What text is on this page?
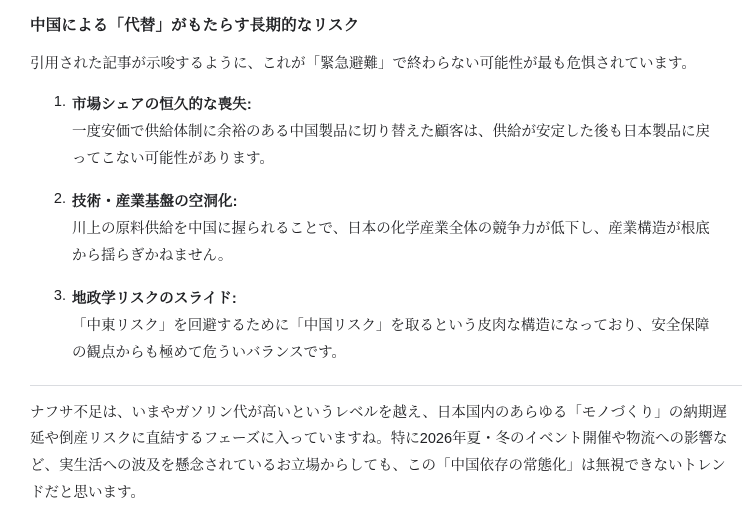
中国による「代替」がもたらす長期的なリスク

引用された記事が示唆するように、これが「緊急避難」で終わらない可能性が最も危惧されています。

市場シェアの恒久的な喪失:
一度安価で供給体制に余裕のある中国製品に切り替えた顧客は、供給が安定した後も日本製品に戻ってこない可能性があります。
技術・産業基盤の空洞化:
川上の原料供給を中国に握られることで、日本の化学産業全体の競争力が低下し、産業構造が根底から揺らぎかねません。
地政学リスクのスライド:
「中東リスク」を回避するために「中国リスク」を取るという皮肉な構造になっており、安全保障の観点からも極めて危ういバランスです。

ナフサ不足は、いまやガソリン代が高いというレベルを越え、日本国内のあらゆる「モノづくり」の納期遅延や倒産リスクに直結するフェーズに入っていますね。特に2026年夏・冬のイベント開催や物流への影響など、実生活への波及を懸念されているお立場からしても、この「中国依存の常態化」は無視できないトレンドだと思います。
